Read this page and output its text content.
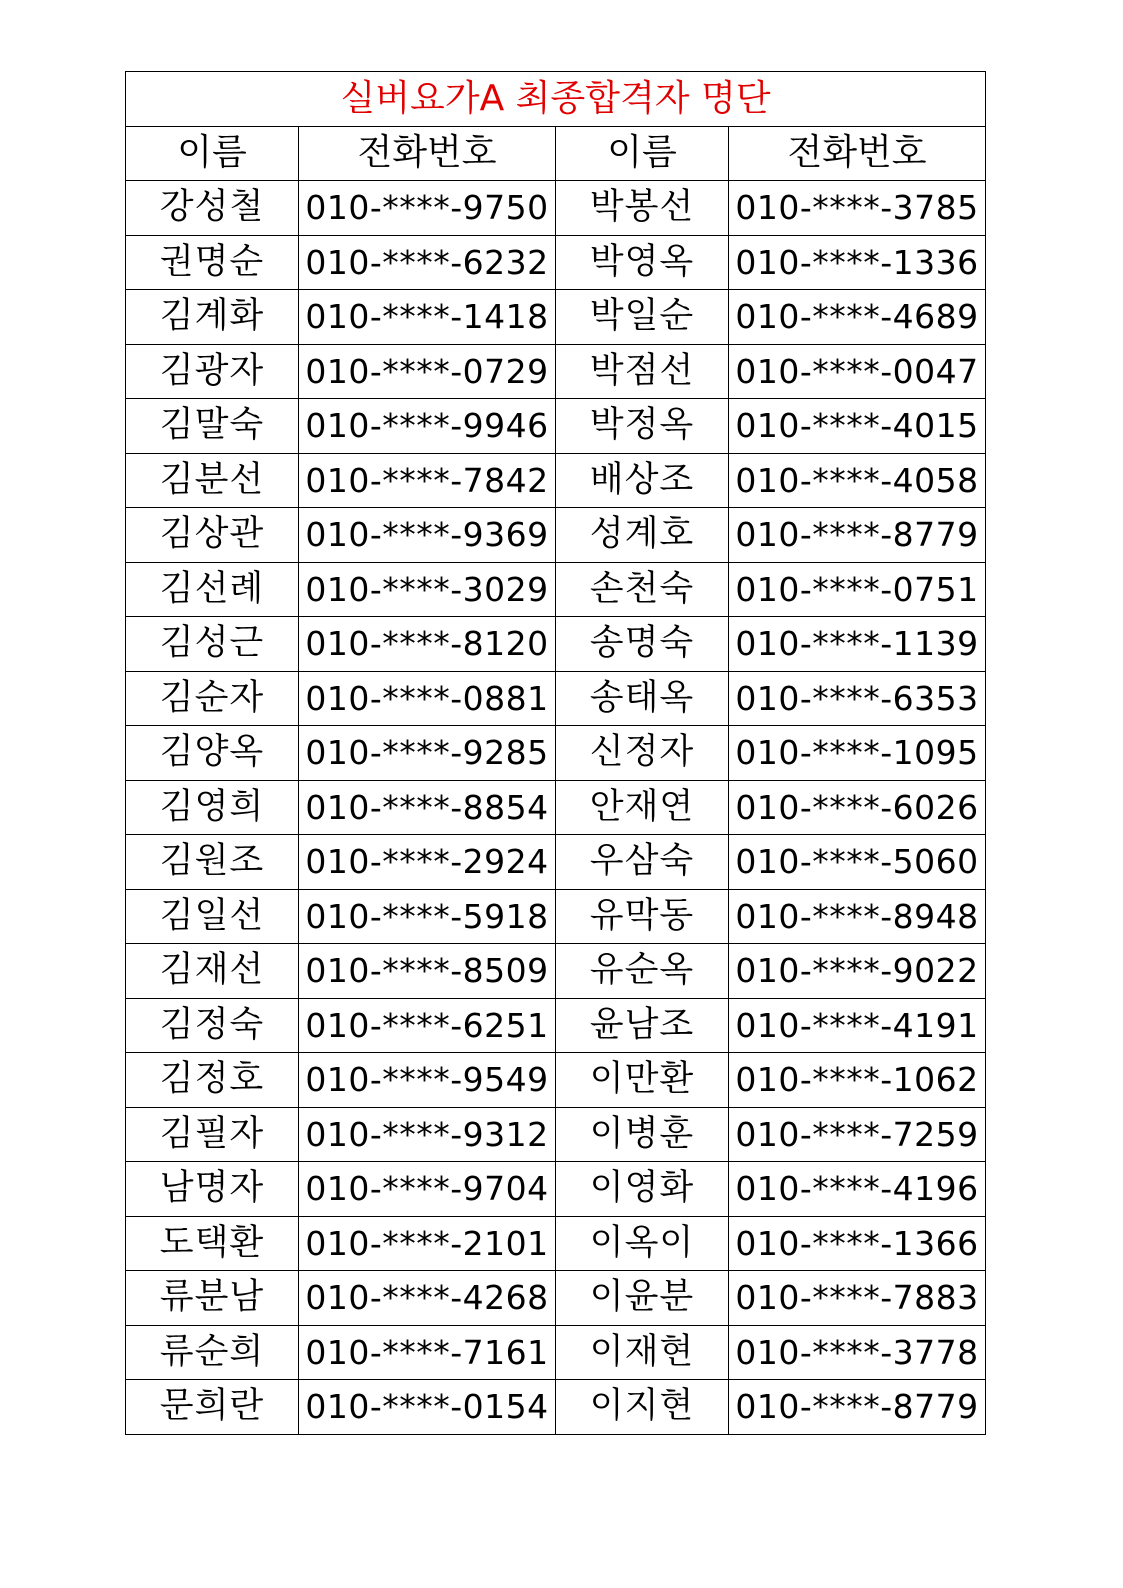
실버요가A 최종합격자 명단			
이름	전화번호	이름	전화번호
강성철	010-****-9750	박봉선	010-****-3785
권명순	010-****-6232	박영옥	010-****-1336
김계화	010-****-1418	박일순	010-****-4689
김광자	010-****-0729	박점선	010-****-0047
김말숙	010-****-9946	박정옥	010-****-4015
김분선	010-****-7842	배상조	010-****-4058
김상관	010-****-9369	성계호	010-****-8779
김선례	010-****-3029	손천숙	010-****-0751
김성근	010-****-8120	송명숙	010-****-1139
김순자	010-****-0881	송태옥	010-****-6353
김양옥	010-****-9285	신정자	010-****-1095
김영희	010-****-8854	안재연	010-****-6026
김원조	010-****-2924	우삼숙	010-****-5060
김일선	010-****-5918	유막동	010-****-8948
김재선	010-****-8509	유순옥	010-****-9022
김정숙	010-****-6251	윤남조	010-****-4191
김정호	010-****-9549	이만환	010-****-1062
김필자	010-****-9312	이병훈	010-****-7259
남명자	010-****-9704	이영화	010-****-4196
도택환	010-****-2101	이옥이	010-****-1366
류분남	010-****-4268	이윤분	010-****-7883
류순희	010-****-7161	이재현	010-****-3778
문희란	010-****-0154	이지현	010-****-8779
